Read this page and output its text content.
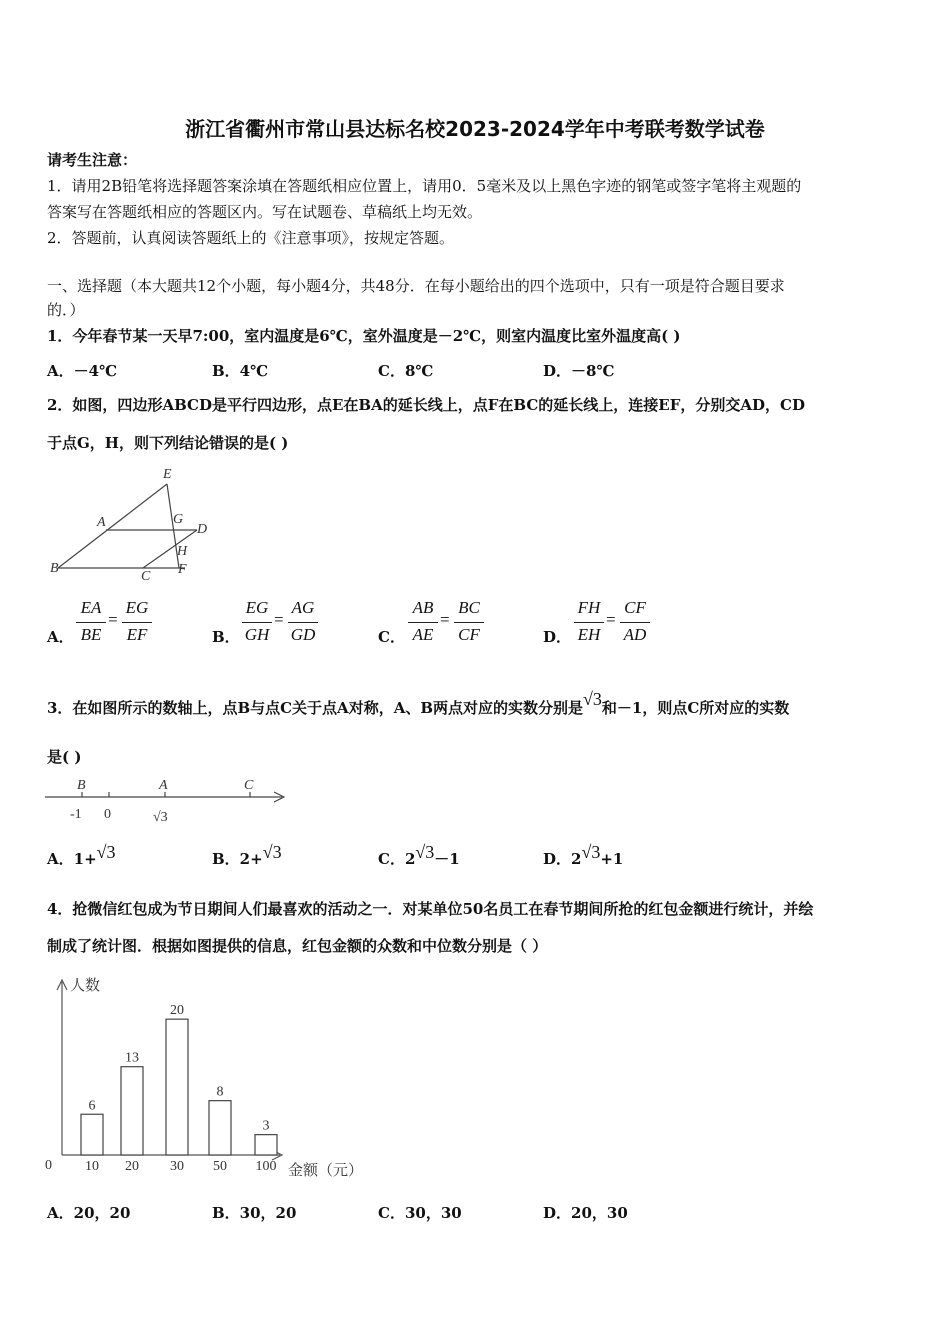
浙江省衢州市常山县达标名校2023-2024学年中考联考数学试卷
请考生注意：
1．请用2B铅笔将选择题答案涂填在答题纸相应位置上，请用0．5毫米及以上黑色字迹的钢笔或签字笔将主观题的
答案写在答题纸相应的答题区内。写在试题卷、草稿纸上均无效。
2．答题前，认真阅读答题纸上的《注意事项》，按规定答题。
一、选择题（本大题共12个小题，每小题4分，共48分．在每小题给出的四个选项中，只有一项是符合题目要求
的．）
1．今年春节某一天早7:00，室内温度是6℃，室外温度是－2℃，则室内温度比室外温度高( )
A．－4℃	B．4℃	C．8℃	D．－8℃
2．如图，四边形ABCD是平行四边形，点E在BA的延长线上，点F在BC的延长线上，连接EF，分别交AD，CD
于点G，H，则下列结论错误的是( )
E
A	G
D
H
B
C F
A．
EA
BE
=
EG
EF	B．
EG
GH
=
AG
GD	C．
AB
AE
=
BC
CF	D．
FH
EH
=
CF
AD
3．在如图所示的数轴上，点B与点C关于点A对称，A、B两点对应的实数分别是√3和－1，则点C所对应的实数
是( )
B	A	C
-1 0	√3
A．1+√3	B．2+√3	C．2√3－1	D．2√3+1
4．抢微信红包成为节日期间人们最喜欢的活动之一．对某单位50名员工在春节期间所抢的红包金额进行统计，并绘
制成了统计图．根据如图提供的信息，红包金额的众数和中位数分别是（ ）
人数
金额（元）
0
6
10
13
20
20
30
8
50
3
100
A．20，20	B．30，20	C．30，30	D．20，30
